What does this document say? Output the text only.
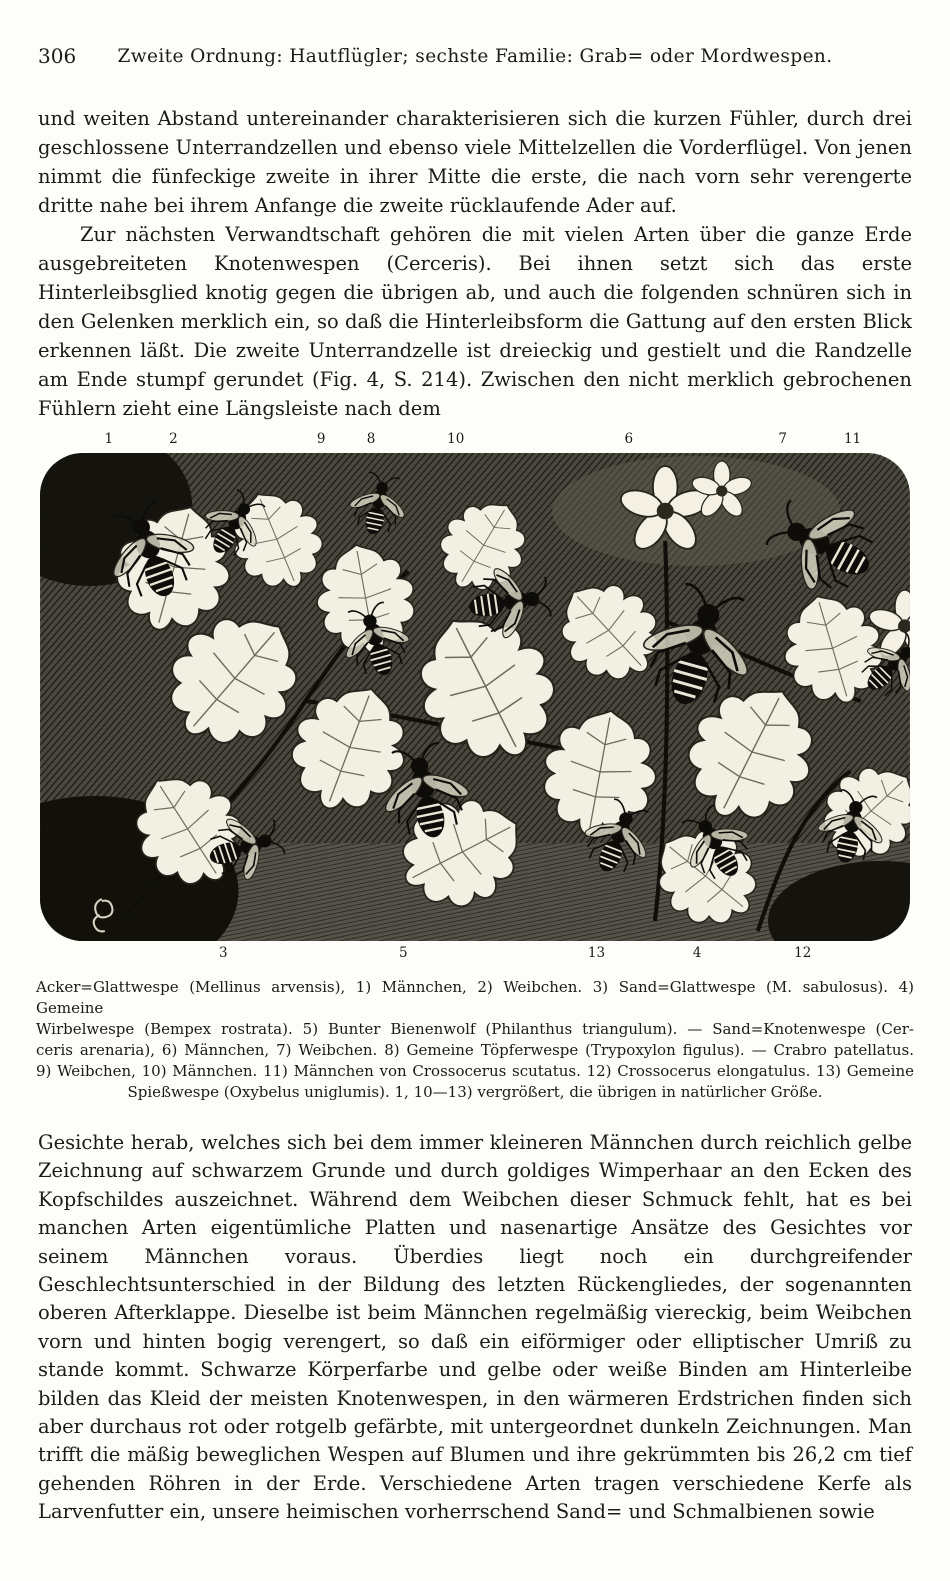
306	Zweite Ordnung: Hautflügler; sechste Familie: Grab= oder Mordwespen.

und weiten Abstand untereinander charakterisieren sich die kurzen Fühler, durch drei geschlossene Unterrandzellen und ebenso viele Mittelzellen die Vorderflügel. Von jenen nimmt die fünfeckige zweite in ihrer Mitte die erste, die nach vorn sehr verengerte dritte nahe bei ihrem Anfange die zweite rücklaufende Ader auf.

Zur nächsten Verwandtschaft gehören die mit vielen Arten über die ganze Erde ausgebreiteten Knotenwespen (Cerceris). Bei ihnen setzt sich das erste Hinterleibsglied knotig gegen die übrigen ab, und auch die folgenden schnüren sich in den Gelenken merklich ein, so daß die Hinterleibsform die Gattung auf den ersten Blick erkennen läßt. Die zweite Unterrandzelle ist dreieckig und gestielt und die Randzelle am Ende stumpf gerundet (Fig. 4, S. 214). Zwischen den nicht merklich gebrochenen Fühlern zieht eine Längsleiste nach dem

1	2	9	8	10	6	7	11
3	5	13	4	12
Acker=Glattwespe (Mellinus arvensis), 1) Männchen, 2) Weibchen. 3) Sand=Glattwespe (M. sabulosus). 4) Gemeine
Wirbelwespe (Bempex rostrata). 5) Bunter Bienenwolf (Philanthus triangulum). — Sand=Knotenwespe (Cer-
ceris arenaria), 6) Männchen, 7) Weibchen. 8) Gemeine Töpferwespe (Trypoxylon figulus). — Crabro patellatus.
9) Weibchen, 10) Männchen. 11) Männchen von Crossocerus scutatus. 12) Crossocerus elongatulus. 13) Gemeine
Spießwespe (Oxybelus uniglumis). 1, 10—13) vergrößert, die übrigen in natürlicher Größe.

Gesichte herab, welches sich bei dem immer kleineren Männchen durch reichlich gelbe Zeichnung auf schwarzem Grunde und durch goldiges Wimperhaar an den Ecken des Kopfschildes auszeichnet. Während dem Weibchen dieser Schmuck fehlt, hat es bei manchen Arten eigentümliche Platten und nasenartige Ansätze des Gesichtes vor seinem Männchen voraus. Überdies liegt noch ein durchgreifender Geschlechtsunterschied in der Bildung des letzten Rückengliedes, der sogenannten oberen Afterklappe. Dieselbe ist beim Männchen regelmäßig viereckig, beim Weibchen vorn und hinten bogig verengert, so daß ein eiförmiger oder elliptischer Umriß zu stande kommt. Schwarze Körperfarbe und gelbe oder weiße Binden am Hinterleibe bilden das Kleid der meisten Knotenwespen, in den wärmeren Erdstrichen finden sich aber durchaus rot oder rotgelb gefärbte, mit untergeordnet dunkeln Zeichnungen. Man trifft die mäßig beweglichen Wespen auf Blumen und ihre gekrümmten bis 26,2 cm tief gehenden Röhren in der Erde. Verschiedene Arten tragen verschiedene Kerfe als Larvenfutter ein, unsere heimischen vorherrschend Sand= und Schmalbienen sowie
